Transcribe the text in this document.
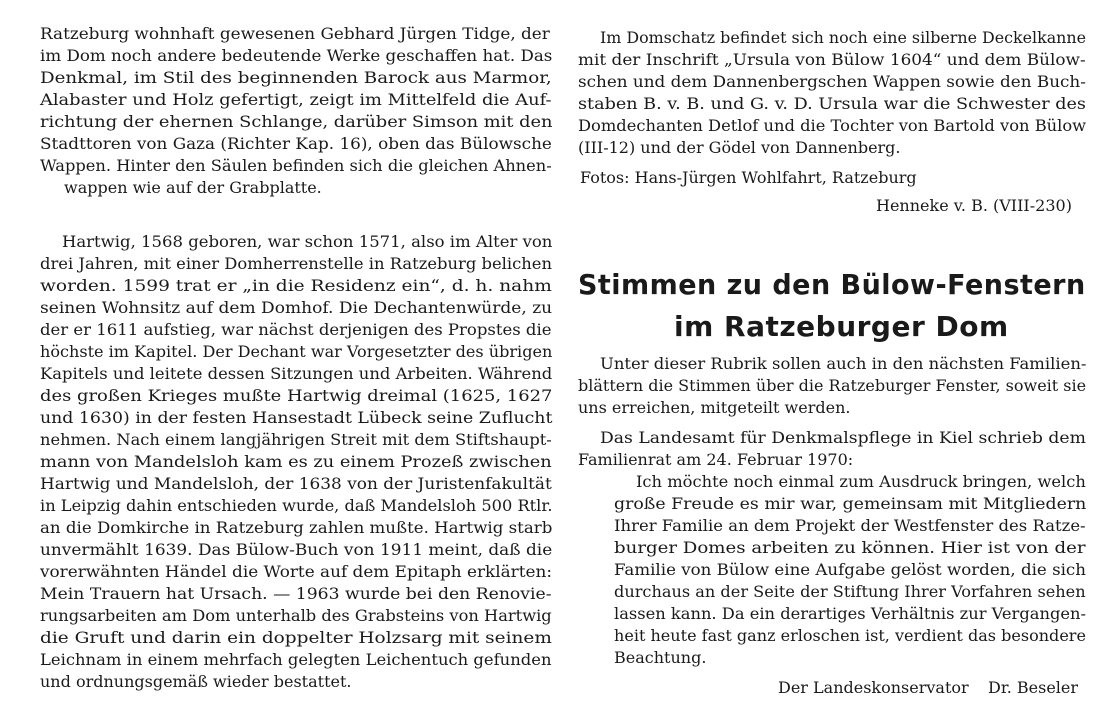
Ratzeburg wohnhaft gewesenen Gebhard Jürgen Tidge, der
im Dom noch andere bedeutende Werke geschaffen hat. Das
Denkmal, im Stil des beginnenden Barock aus Marmor,
Alabaster und Holz gefertigt, zeigt im Mittelfeld die Auf-
richtung der ehernen Schlange, darüber Simson mit den
Stadttoren von Gaza (Richter Kap. 16), oben das Bülowsche
Wappen. Hinter den Säulen befinden sich die gleichen Ahnen-
wappen wie auf der Grabplatte.
Hartwig, 1568 geboren, war schon 1571, also im Alter von
drei Jahren, mit einer Domherrenstelle in Ratzeburg belichen
worden. 1599 trat er „in die Residenz ein“, d. h. nahm
seinen Wohnsitz auf dem Domhof. Die Dechantenwürde, zu
der er 1611 aufstieg, war nächst derjenigen des Propstes die
höchste im Kapitel. Der Dechant war Vorgesetzter des übrigen
Kapitels und leitete dessen Sitzungen und Arbeiten. Während
des großen Krieges mußte Hartwig dreimal (1625, 1627
und 1630) in der festen Hansestadt Lübeck seine Zuflucht
nehmen. Nach einem langjährigen Streit mit dem Stiftshaupt-
mann von Mandelsloh kam es zu einem Prozeß zwischen
Hartwig und Mandelsloh, der 1638 von der Juristenfakultät
in Leipzig dahin entschieden wurde, daß Mandelsloh 500 Rtlr.
an die Domkirche in Ratzeburg zahlen mußte. Hartwig starb
unvermählt 1639. Das Bülow-Buch von 1911 meint, daß die
vorerwähnten Händel die Worte auf dem Epitaph erklärten:
Mein Trauern hat Ursach. — 1963 wurde bei den Renovie-
rungsarbeiten am Dom unterhalb des Grabsteins von Hartwig
die Gruft und darin ein doppelter Holzsarg mit seinem
Leichnam in einem mehrfach gelegten Leichentuch gefunden
und ordnungsgemäß wieder bestattet.
Im Domschatz befindet sich noch eine silberne Deckelkanne
mit der Inschrift „Ursula von Bülow 1604“ und dem Bülow-
schen und dem Dannenbergschen Wappen sowie den Buch-
staben B. v. B. und G. v. D. Ursula war die Schwester des
Domdechanten Detlof und die Tochter von Bartold von Bülow
(III-12) und der Gödel von Dannenberg.
Fotos: Hans-Jürgen Wohlfahrt, Ratzeburg
Henneke v. B. (VIII-230)
Stimmen zu den Bülow-Fenstern
im Ratzeburger Dom
Unter dieser Rubrik sollen auch in den nächsten Familien-
blättern die Stimmen über die Ratzeburger Fenster, soweit sie
uns erreichen, mitgeteilt werden.
Das Landesamt für Denkmalspflege in Kiel schrieb dem
Familienrat am 24. Februar 1970:
Ich möchte noch einmal zum Ausdruck bringen, welch
große Freude es mir war, gemeinsam mit Mitgliedern
Ihrer Familie an dem Projekt der Westfenster des Ratze-
burger Domes arbeiten zu können. Hier ist von der
Familie von Bülow eine Aufgabe gelöst worden, die sich
durchaus an der Seite der Stiftung Ihrer Vorfahren sehen
lassen kann. Da ein derartiges Verhältnis zur Vergangen-
heit heute fast ganz erloschen ist, verdient das besondere
Beachtung.
Der Landeskonservator Dr. Beseler
